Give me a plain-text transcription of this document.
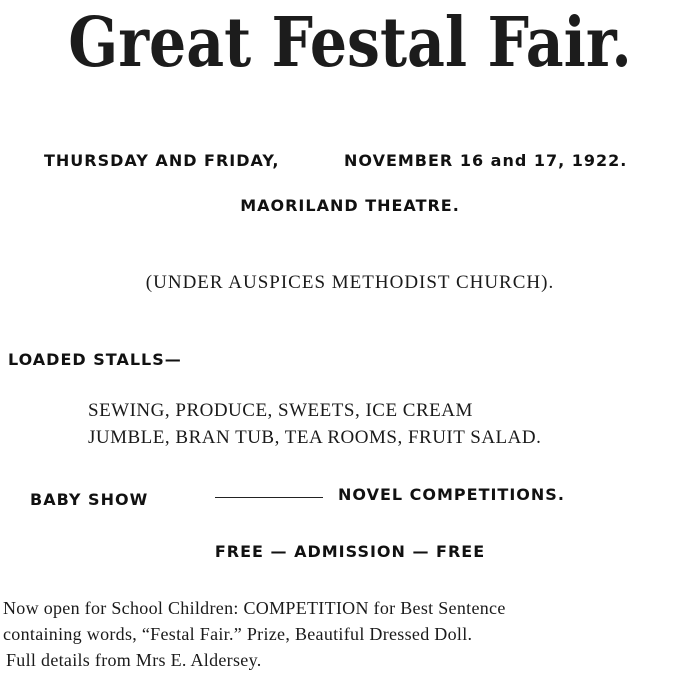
Great Festal Fair.
THURSDAY AND FRIDAY,	NOVEMBER 16 and 17, 1922.
MAORILAND THEATRE.
(UNDER AUSPICES METHODIST CHURCH).
LOADED STALLS—
SEWING, PRODUCE, SWEETS, ICE CREAM
JUMBLE, BRAN TUB, TEA ROOMS, FRUIT SALAD.
BABY SHOW	NOVEL COMPETITIONS.
FREE — ADMISSION — FREE
Now open for School Children: COMPETITION for Best Sentence
containing words, “Festal Fair.” Prize, Beautiful Dressed Doll.
Full details from Mrs E. Aldersey.
